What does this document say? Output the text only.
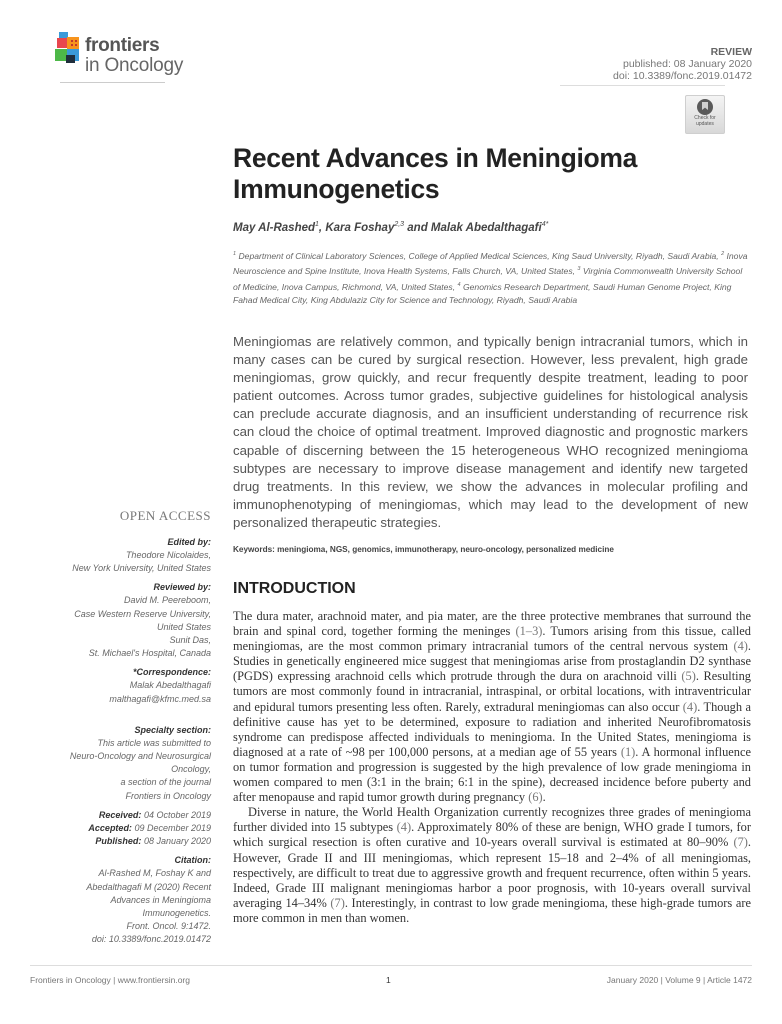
frontiers
in Oncology
REVIEW
published: 08 January 2020
doi: 10.3389/fonc.2019.01472
Check for
updates
Recent Advances in Meningioma Immunogenetics
May Al-Rashed$^1$, Kara Foshay$^{2,3}$ and Malak Abedalthagafi$^{4*}$
$^1$ Department of Clinical Laboratory Sciences, College of Applied Medical Sciences, King Saud University, Riyadh, Saudi Arabia, $^2$ Inova Neuroscience and Spine Institute, Inova Health Systems, Falls Church, VA, United States, $^3$ Virginia Commonwealth University School of Medicine, Inova Campus, Richmond, VA, United States, $^4$ Genomics Research Department, Saudi Human Genome Project, King Fahad Medical City, King Abdulaziz City for Science and Technology, Riyadh, Saudi Arabia
Meningiomas are relatively common, and typically benign intracranial tumors, which in many cases can be cured by surgical resection. However, less prevalent, high grade meningiomas, grow quickly, and recur frequently despite treatment, leading to poor patient outcomes. Across tumor grades, subjective guidelines for histological analysis can preclude accurate diagnosis, and an insufficient understanding of recurrence risk can cloud the choice of optimal treatment. Improved diagnostic and prognostic markers capable of discerning between the 15 heterogeneous WHO recognized meningioma subtypes are necessary to improve disease management and identify new targeted drug treatments. In this review, we show the advances in molecular profiling and immunophenotyping of meningiomas, which may lead to the development of new personalized therapeutic strategies.
Keywords: meningioma, NGS, genomics, immunotherapy, neuro-oncology, personalized medicine
OPEN ACCESS
Edited by:
Theodore Nicolaides,
New York University, United States
Reviewed by:
David M. Peereboom,
Case Western Reserve University,
United States
Sunit Das,
St. Michael's Hospital, Canada
*Correspondence:
Malak Abedalthagafi
malthagafi@kfmc.med.sa
Specialty section:
This article was submitted to
Neuro-Oncology and Neurosurgical
Oncology,
a section of the journal
Frontiers in Oncology
Received: 04 October 2019
Accepted: 09 December 2019
Published: 08 January 2020
Citation:
Al-Rashed M, Foshay K and
Abedalthagafi M (2020) Recent
Advances in Meningioma
Immunogenetics.
Front. Oncol. 9:1472.
doi: 10.3389/fonc.2019.01472
INTRODUCTION

The dura mater, arachnoid mater, and pia mater, are the three protective membranes that surround the brain and spinal cord, together forming the meninges (1–3). Tumors arising from this tissue, called meningiomas, are the most common primary intracranial tumors of the central nervous system (4). Studies in genetically engineered mice suggest that meningiomas arise from prostaglandin D2 synthase (PGDS) expressing arachnoid cells which protrude through the dura on arachnoid villi (5). Resulting tumors are most commonly found in intracranial, intraspinal, or orbital locations, with intraventricular and epidural tumors presenting less often. Rarely, extradural meningiomas can also occur (4). Though a definitive cause has yet to be determined, exposure to radiation and inherited Neurofibromatosis syndrome can predispose affected individuals to meningioma. In the United States, meningioma is diagnosed at a rate of ~98 per 100,000 persons, at a median age of 55 years (1). A hormonal influence on tumor formation and progression is suggested by the high prevalence of low grade meningioma in women compared to men (3:1 in the brain; 6:1 in the spine), decreased incidence before puberty and after menopause and rapid tumor growth during pregnancy (6).

Diverse in nature, the World Health Organization currently recognizes three grades of meningioma further divided into 15 subtypes (4). Approximately 80% of these are benign, WHO grade I tumors, for which surgical resection is often curative and 10-years overall survival is estimated at 80–90% (7). However, Grade II and III meningiomas, which represent 15–18 and 2–4% of all meningiomas, respectively, are difficult to treat due to aggressive growth and frequent recurrence, often within 5 years. Indeed, Grade III malignant meningiomas harbor a poor prognosis, with 10-years overall survival averaging 14–34% (7). Interestingly, in contrast to low grade meningioma, these high-grade tumors are more common in men than women.

Frontiers in Oncology | www.frontiersin.org	1	January 2020 | Volume 9 | Article 1472
